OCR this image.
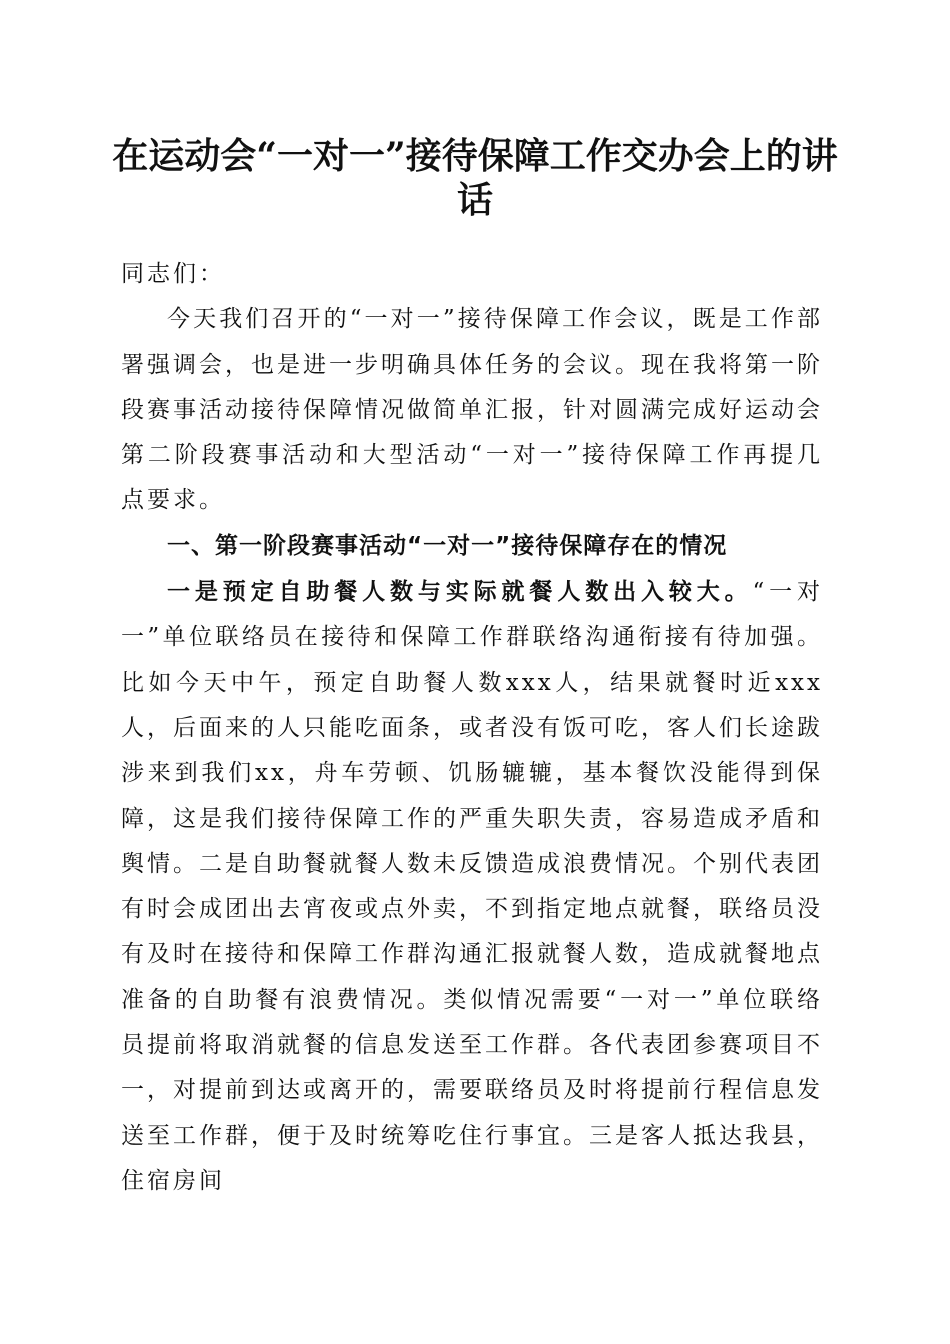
在运动会“一对一”接待保障工作交办会上的讲话

同志们：

今天我们召开的“一对一”接待保障工作会议，既是工作部署强调会，也是进一步明确具体任务的会议。现在我将第一阶段赛事活动接待保障情况做简单汇报，针对圆满完成好运动会第二阶段赛事活动和大型活动“一对一”接待保障工作再提几点要求。

一、第一阶段赛事活动“一对一”接待保障存在的情况

一是预定自助餐人数与实际就餐人数出入较大。“一对一”单位联络员在接待和保障工作群联络沟通衔接有待加强。比如今天中午，预定自助餐人数xxx人，结果就餐时近xxx人，后面来的人只能吃面条，或者没有饭可吃，客人们长途跋涉来到我们xx，舟车劳顿、饥肠辘辘，基本餐饮没能得到保障，这是我们接待保障工作的严重失职失责，容易造成矛盾和舆情。二是自助餐就餐人数未反馈造成浪费情况。个别代表团有时会成团出去宵夜或点外卖，不到指定地点就餐，联络员没有及时在接待和保障工作群沟通汇报就餐人数，造成就餐地点准备的自助餐有浪费情况。类似情况需要“一对一”单位联络员提前将取消就餐的信息发送至工作群。各代表团参赛项目不一，对提前到达或离开的，需要联络员及时将提前行程信息发送至工作群，便于及时统筹吃住行事宜。三是客人抵达我县，住宿房间
